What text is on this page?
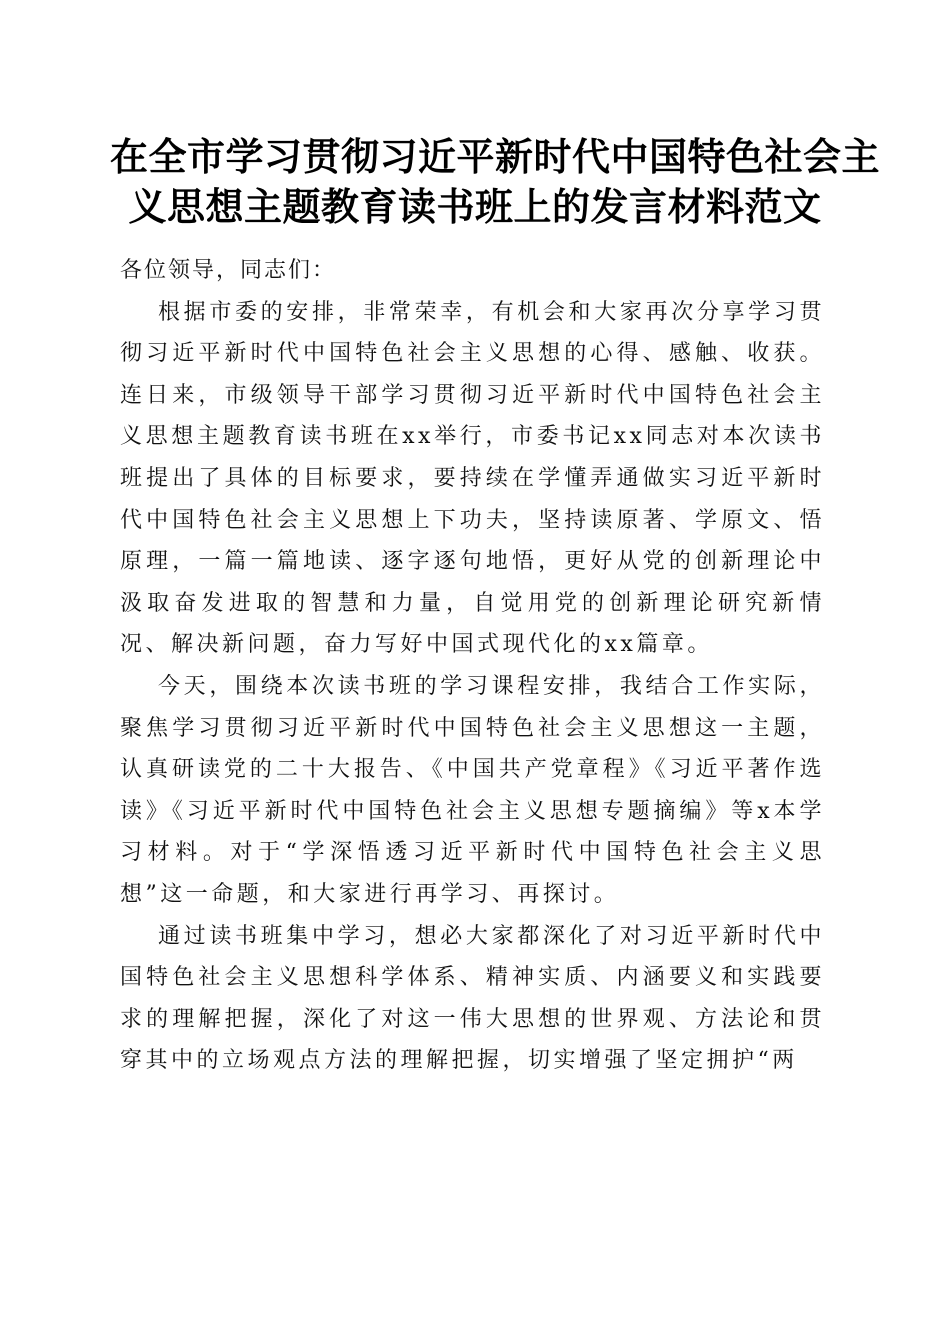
在全市学习贯彻习近平新时代中国特色社会主
义思想主题教育读书班上的发言材料范文

各位领导，同志们：

根据市委的安排，非常荣幸，有机会和大家再次分享学习贯彻习近平新时代中国特色社会主义思想的心得、感触、收获。连日来，市级领导干部学习贯彻习近平新时代中国特色社会主义思想主题教育读书班在xx举行，市委书记xx同志对本次读书班提出了具体的目标要求，要持续在学懂弄通做实习近平新时代中国特色社会主义思想上下功夫，坚持读原著、学原文、悟原理，一篇一篇地读、逐字逐句地悟，更好从党的创新理论中汲取奋发进取的智慧和力量，自觉用党的创新理论研究新情况、解决新问题，奋力写好中国式现代化的xx篇章。

今天，围绕本次读书班的学习课程安排，我结合工作实际，聚焦学习贯彻习近平新时代中国特色社会主义思想这一主题，认真研读党的二十大报告、《中国共产党章程》《习近平著作选读》《习近平新时代中国特色社会主义思想专题摘编》等x本学习材料。对于“学深悟透习近平新时代中国特色社会主义思想”这一命题，和大家进行再学习、再探讨。

通过读书班集中学习，想必大家都深化了对习近平新时代中国特色社会主义思想科学体系、精神实质、内涵要义和实践要求的理解把握，深化了对这一伟大思想的世界观、方法论和贯穿其中的立场观点方法的理解把握，切实增强了坚定拥护“两
